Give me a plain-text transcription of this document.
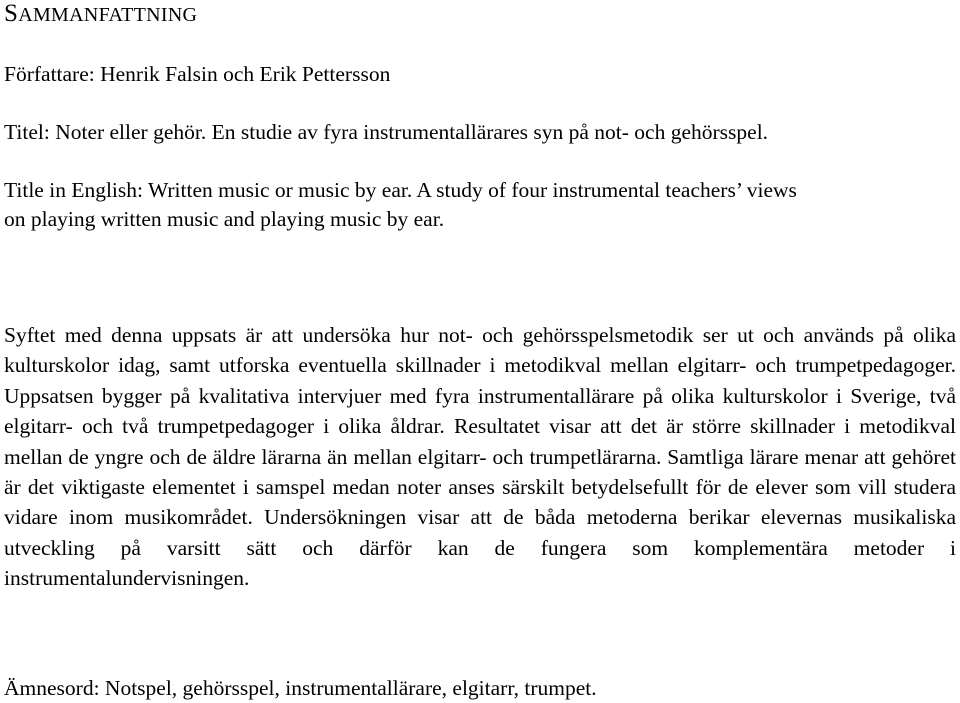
SAMMANFATTNING
Författare: Henrik Falsin och Erik Pettersson
Titel: Noter eller gehör. En studie av fyra instrumentallärares syn på not- och gehörsspel.
Title in English: Written music or music by ear. A study of four instrumental teachers’ views
on playing written music and playing music by ear.

Syftet med denna uppsats är att undersöka hur not- och gehörsspelsmetodik ser ut och används på olika kulturskolor idag, samt utforska eventuella skillnader i metodikval mellan elgitarr- och trumpetpedagoger. Uppsatsen bygger på kvalitativa intervjuer med fyra instrumentallärare på olika kulturskolor i Sverige, två elgitarr- och två trumpetpedagoger i olika åldrar. Resultatet visar att det är större skillnader i metodikval mellan de yngre och de äldre lärarna än mellan elgitarr- och trumpetlärarna. Samtliga lärare menar att gehöret är det viktigaste elementet i samspel medan noter anses särskilt betydelsefullt för de elever som vill studera vidare inom musikområdet. Undersökningen visar att de båda metoderna berikar elevernas musikaliska utveckling på varsitt sätt och därför kan de fungera som komplementära metoder i instrumentalundervisningen.

Ämnesord: Notspel, gehörsspel, instrumentallärare, elgitarr, trumpet.
